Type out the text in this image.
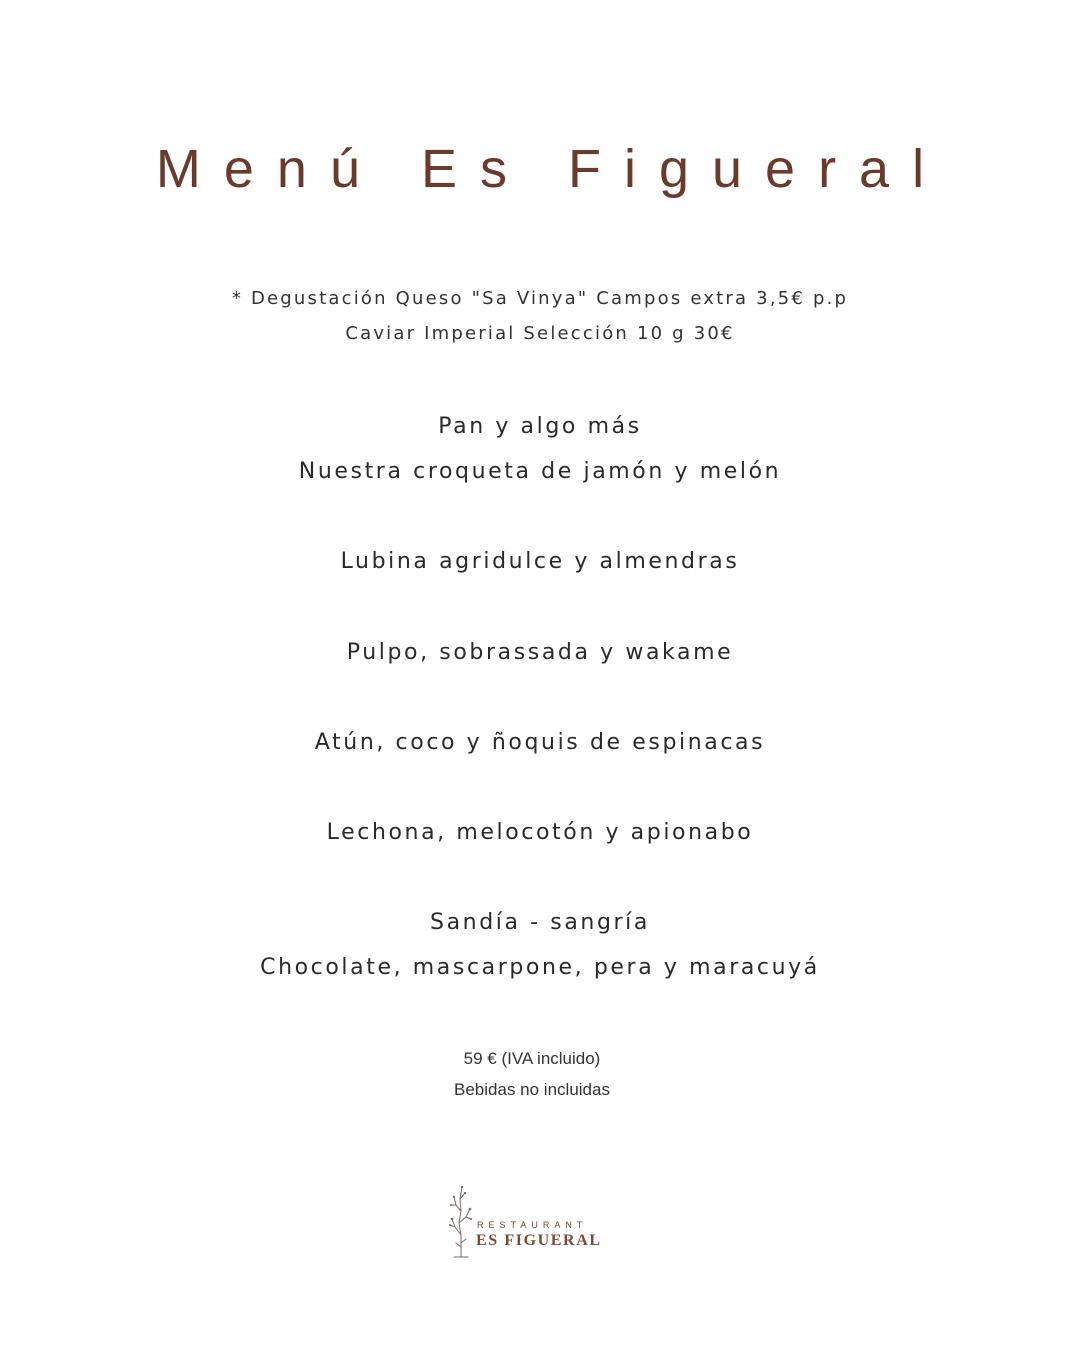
Menú Es Figueral
* Degustación Queso "Sa Vinya" Campos extra 3,5€ p.p
Caviar Imperial Selección 10 g 30€
Pan y algo más
Nuestra croqueta de jamón y melón
Lubina agridulce y almendras
Pulpo, sobrassada y wakame
Atún, coco y ñoquis de espinacas
Lechona, melocotón y apionabo
Sandía - sangría
Chocolate, mascarpone, pera y maracuyá
59 € (IVA incluido)
Bebidas no incluidas
RESTAURANT
ES FIGUERAL
